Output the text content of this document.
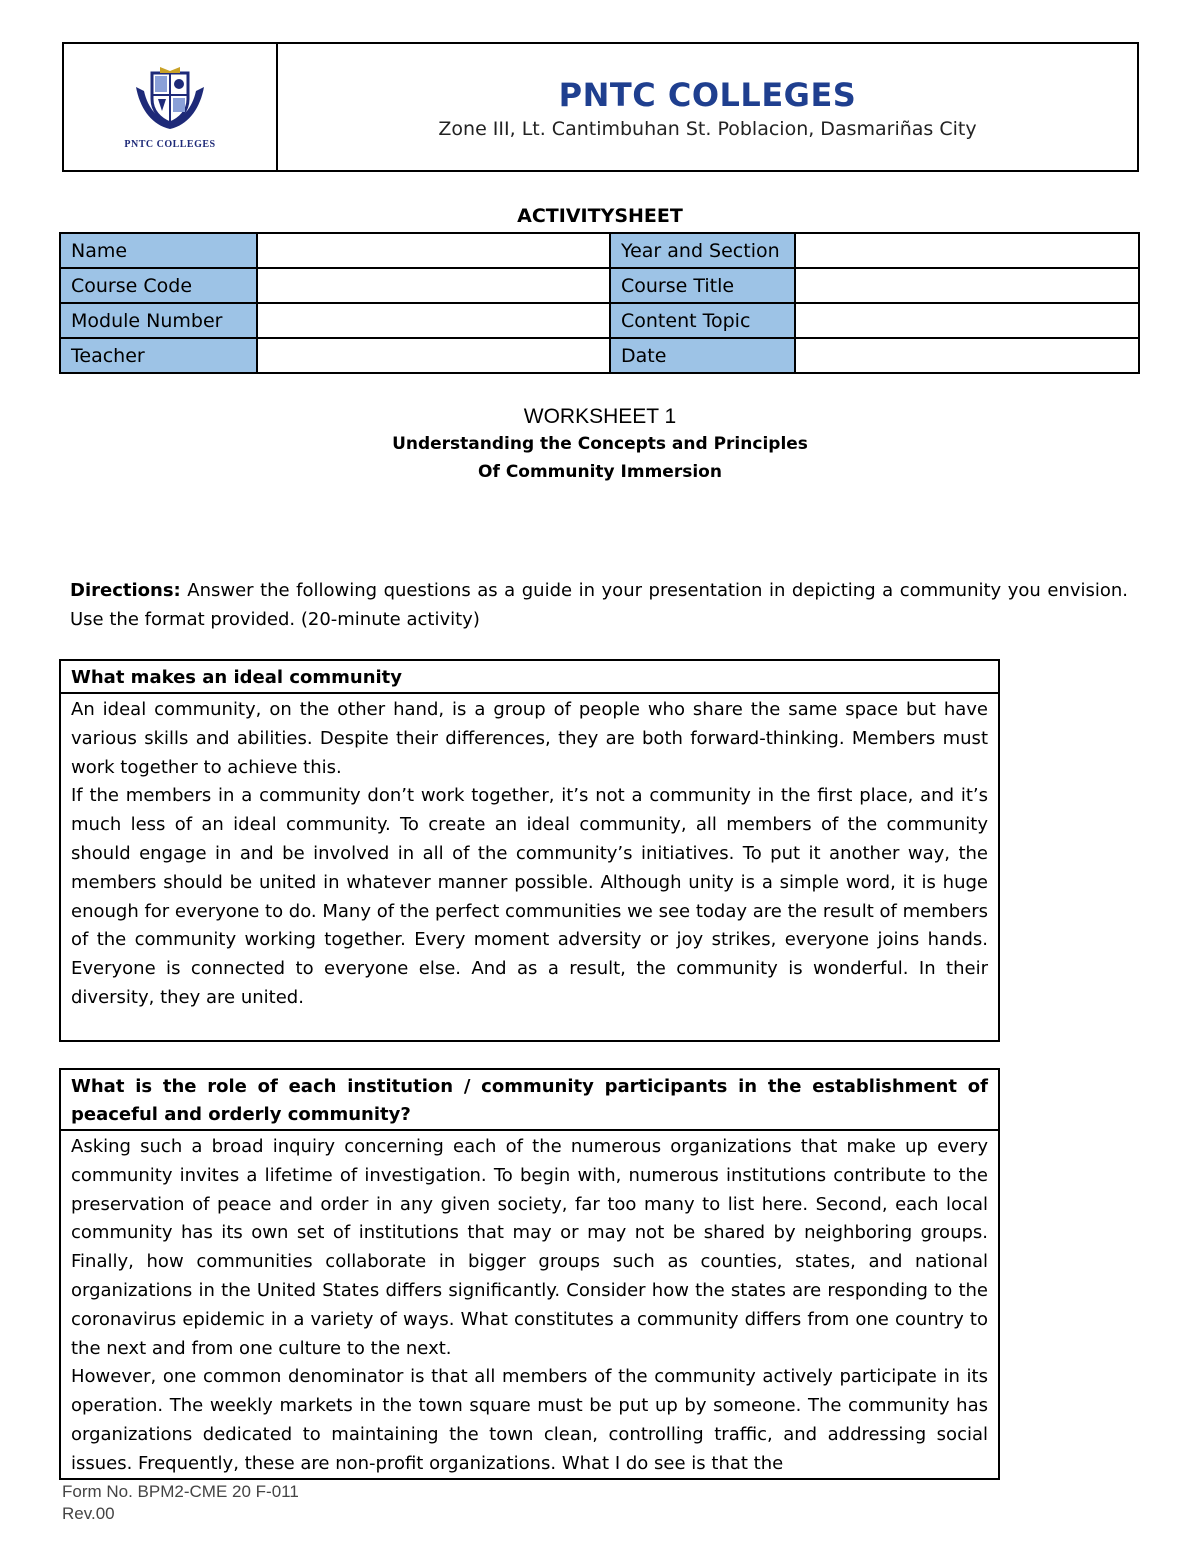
PNTC COLLEGES
PNTC COLLEGES
Zone III, Lt. Cantimbuhan St. Poblacion, Dasmariñas City
ACTIVITYSHEET
Name		Year and Section	
Course Code		Course Title	
Module Number		Content Topic	
Teacher		Date	
WORKSHEET 1
Understanding the Concepts and Principles
Of Community Immersion
Directions: Answer the following questions as a guide in your presentation in depicting a community you envision. Use the format provided. (20-minute activity)
What makes an ideal community

An ideal community, on the other hand, is a group of people who share the same space but have various skills and abilities. Despite their differences, they are both forward-thinking. Members must work together to achieve this.

If the members in a community don’t work together, it’s not a community in the first place, and it’s much less of an ideal community. To create an ideal community, all members of the community should engage in and be involved in all of the community’s initiatives. To put it another way, the members should be united in whatever manner possible. Although unity is a simple word, it is huge enough for everyone to do. Many of the perfect communities we see today are the result of members of the community working together. Every moment adversity or joy strikes, everyone joins hands. Everyone is connected to everyone else. And as a result, the community is wonderful. In their diversity, they are united.

What is the role of each institution / community participants in the establishment of peaceful and orderly community?

Asking such a broad inquiry concerning each of the numerous organizations that make up every community invites a lifetime of investigation. To begin with, numerous institutions contribute to the preservation of peace and order in any given society, far too many to list here. Second, each local community has its own set of institutions that may or may not be shared by neighboring groups. Finally, how communities collaborate in bigger groups such as counties, states, and national organizations in the United States differs significantly. Consider how the states are responding to the coronavirus epidemic in a variety of ways. What constitutes a community differs from one country to the next and from one culture to the next.

However, one common denominator is that all members of the community actively participate in its operation. The weekly markets in the town square must be put up by someone. The community has organizations dedicated to maintaining the town clean, controlling traffic, and addressing social issues. Frequently, these are non-profit organizations. What I do see is that the

Form No. BPM2-CME 20 F-011
Rev.00
